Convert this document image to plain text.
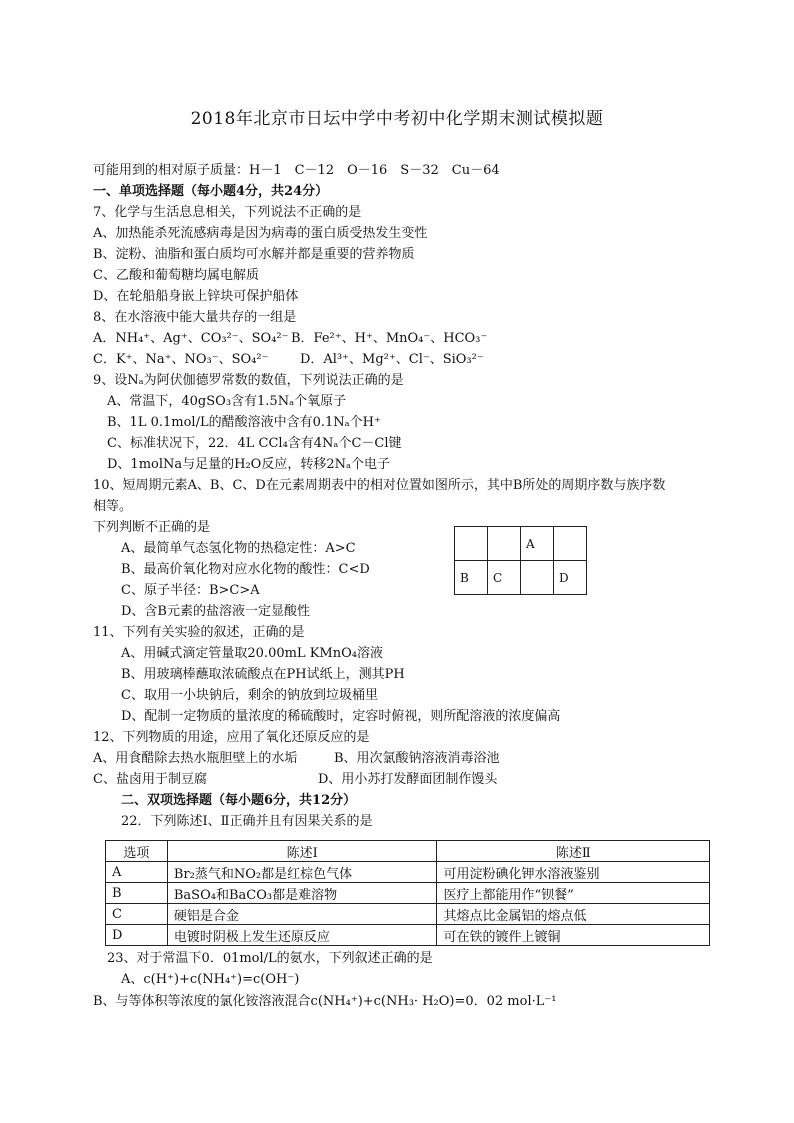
2018年北京市日坛中学中考初中化学期末测试模拟题
可能用到的相对原子质量：H－1　C－12　O－16　S－32　Cu－64
一、单项选择题（每小题4分，共24分）
7、化学与生活息息相关，下列说法不正确的是
A、加热能杀死流感病毒是因为病毒的蛋白质受热发生变性
B、淀粉、油脂和蛋白质均可水解并都是重要的营养物质
C、乙酸和葡萄糖均属电解质
D、在轮船船身嵌上锌块可保护船体
8、在水溶液中能大量共存的一组是
A．NH₄⁺、Ag⁺、CO₃²⁻、SO₄²⁻ B．Fe²⁺、H⁺、MnO₄⁻、HCO₃⁻
C．K⁺、Na⁺、NO₃⁻、SO₄²⁻ D．Al³⁺、Mg²⁺、Cl⁻、SiO₃²⁻
9、设Nₐ为阿伏伽德罗常数的数值，下列说法正确的是
A、常温下，40gSO₃含有1.5Nₐ个氧原子
B、1L 0.1mol/L的醋酸溶液中含有0.1Nₐ个H⁺
C、标准状况下，22．4L CCl₄含有4Nₐ个C－Cl键
D、1molNa与足量的H₂O反应，转移2Nₐ个电子
10、短周期元素A、B、C、D在元素周期表中的相对位置如图所示，其中B所处的周期序数与族序数
相等。
下列判断不正确的是
A、最简单气态氢化物的热稳定性：A>C
B、最高价氧化物对应水化物的酸性：C<D
C、原子半径：B>C>A
D、含B元素的盐溶液一定显酸性
		A	
B	C		D
11、下列有关实验的叙述，正确的是
A、用碱式滴定管量取20.00mL KMnO₄溶液
B、用玻璃棒蘸取浓硫酸点在PH试纸上，测其PH
C、取用一小块钠后，剩余的钠放到垃圾桶里
D、配制一定物质的量浓度的稀硫酸时，定容时俯视，则所配溶液的浓度偏高
12、下列物质的用途，应用了氧化还原反应的是
A、用食醋除去热水瓶胆壁上的水垢	B、用次氯酸钠溶液消毒浴池
C、盐卤用于制豆腐	D、用小苏打发酵面团制作馒头
二、双项选择题（每小题6分，共12分）
22．下列陈述Ⅰ、Ⅱ正确并且有因果关系的是
选项	陈述Ⅰ	陈述Ⅱ
A	Br₂蒸气和NO₂都是红棕色气体	可用淀粉碘化钾水溶液鉴别
B	BaSO₄和BaCO₃都是难溶物	医疗上都能用作“钡餐”
C	硬铝是合金	其熔点比金属铝的熔点低
D	电镀时阴极上发生还原反应	可在铁的镀件上镀铜
23、对于常温下0．01mol/L的氨水，下列叙述正确的是
A、c(H⁺)+c(NH₄⁺)=c(OH⁻)
B、与等体积等浓度的氯化铵溶液混合c(NH₄⁺)+c(NH₃· H₂O)=0．02 mol·L⁻¹
